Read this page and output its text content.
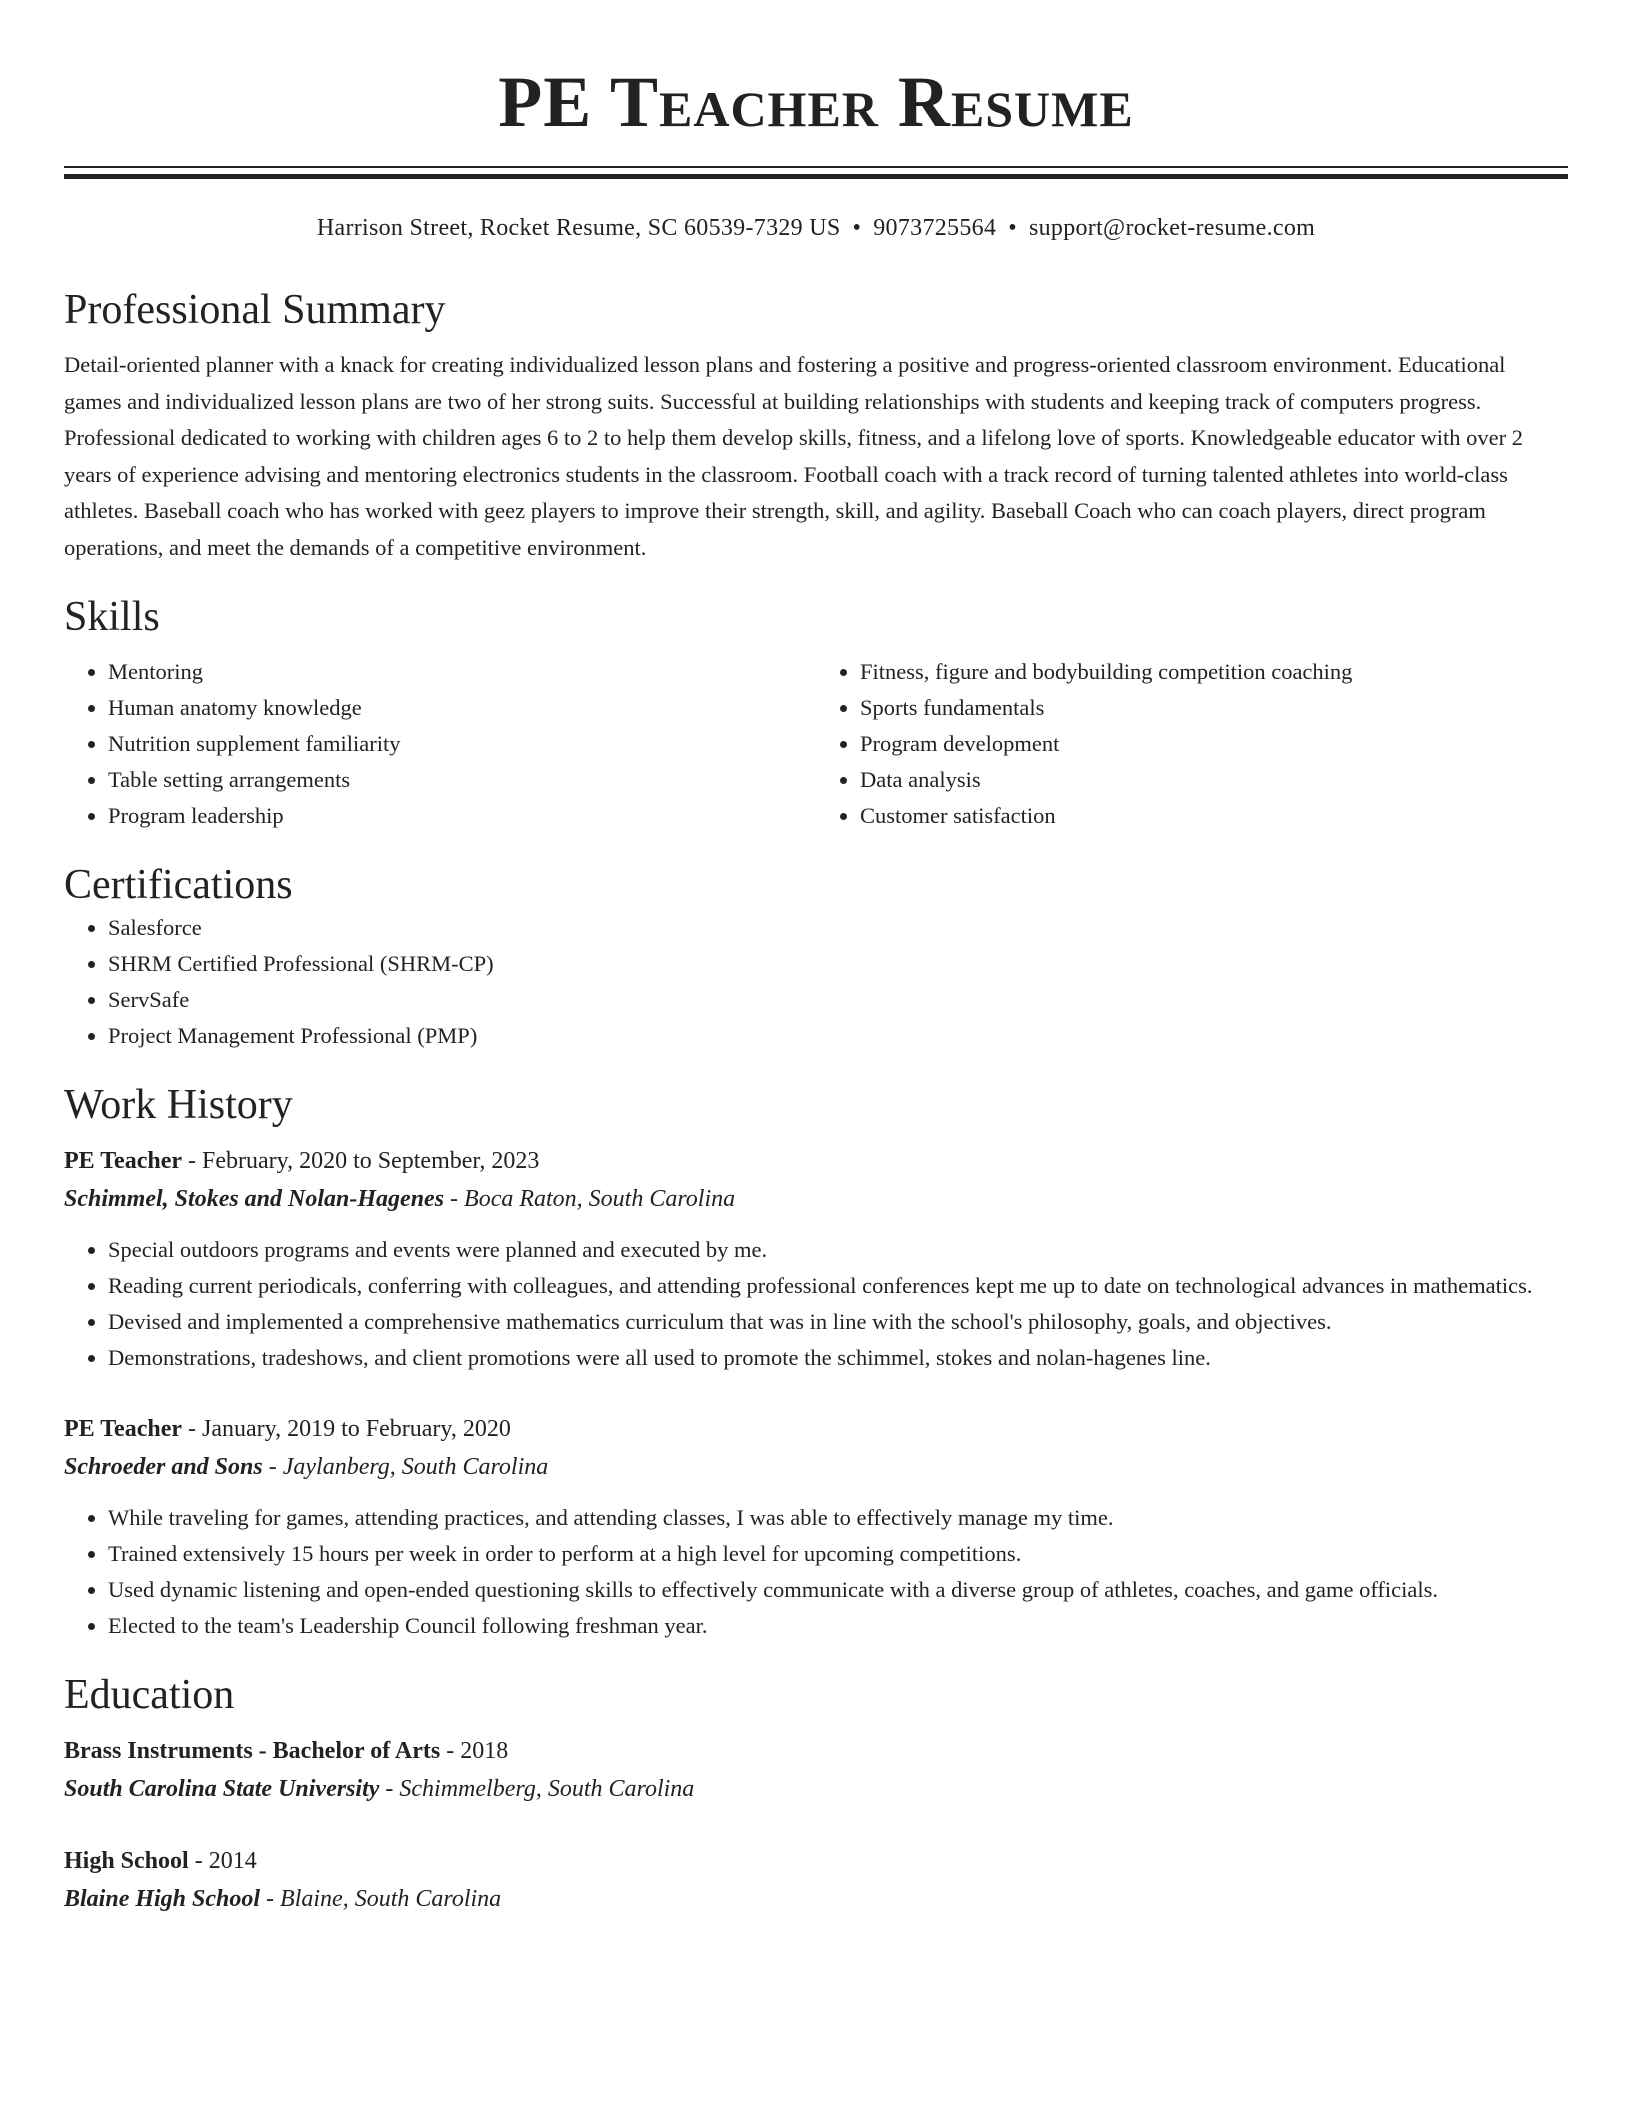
PE Teacher Resume
Harrison Street, Rocket Resume, SC 60539-7329 US • 9073725564 • support@rocket-resume.com
Professional Summary

Detail-oriented planner with a knack for creating individualized lesson plans and fostering a positive and progress-oriented classroom environment. Educational games and individualized lesson plans are two of her strong suits. Successful at building relationships with students and keeping track of computers progress. Professional dedicated to working with children ages 6 to 2 to help them develop skills, fitness, and a lifelong love of sports. Knowledgeable educator with over 2 years of experience advising and mentoring electronics students in the classroom. Football coach with a track record of turning talented athletes into world-class athletes. Baseball coach who has worked with geez players to improve their strength, skill, and agility. Baseball Coach who can coach players, direct program operations, and meet the demands of a competitive environment.

Skills
• Mentoring
• Human anatomy knowledge
• Nutrition supplement familiarity
• Table setting arrangements
• Program leadership
• Fitness, figure and bodybuilding competition coaching
• Sports fundamentals
• Program development
• Data analysis
• Customer satisfaction
Certifications
• Salesforce
• SHRM Certified Professional (SHRM-CP)
• ServSafe
• Project Management Professional (PMP)
Work History
PE Teacher - February, 2020 to September, 2023
Schimmel, Stokes and Nolan-Hagenes - Boca Raton, South Carolina
• Special outdoors programs and events were planned and executed by me.
• Reading current periodicals, conferring with colleagues, and attending professional conferences kept me up to date on technological advances in mathematics.
• Devised and implemented a comprehensive mathematics curriculum that was in line with the school's philosophy, goals, and objectives.
• Demonstrations, tradeshows, and client promotions were all used to promote the schimmel, stokes and nolan-hagenes line.
PE Teacher - January, 2019 to February, 2020
Schroeder and Sons - Jaylanberg, South Carolina
• While traveling for games, attending practices, and attending classes, I was able to effectively manage my time.
• Trained extensively 15 hours per week in order to perform at a high level for upcoming competitions.
• Used dynamic listening and open-ended questioning skills to effectively communicate with a diverse group of athletes, coaches, and game officials.
• Elected to the team's Leadership Council following freshman year.
Education
Brass Instruments - Bachelor of Arts - 2018
South Carolina State University - Schimmelberg, South Carolina
High School - 2014
Blaine High School - Blaine, South Carolina
